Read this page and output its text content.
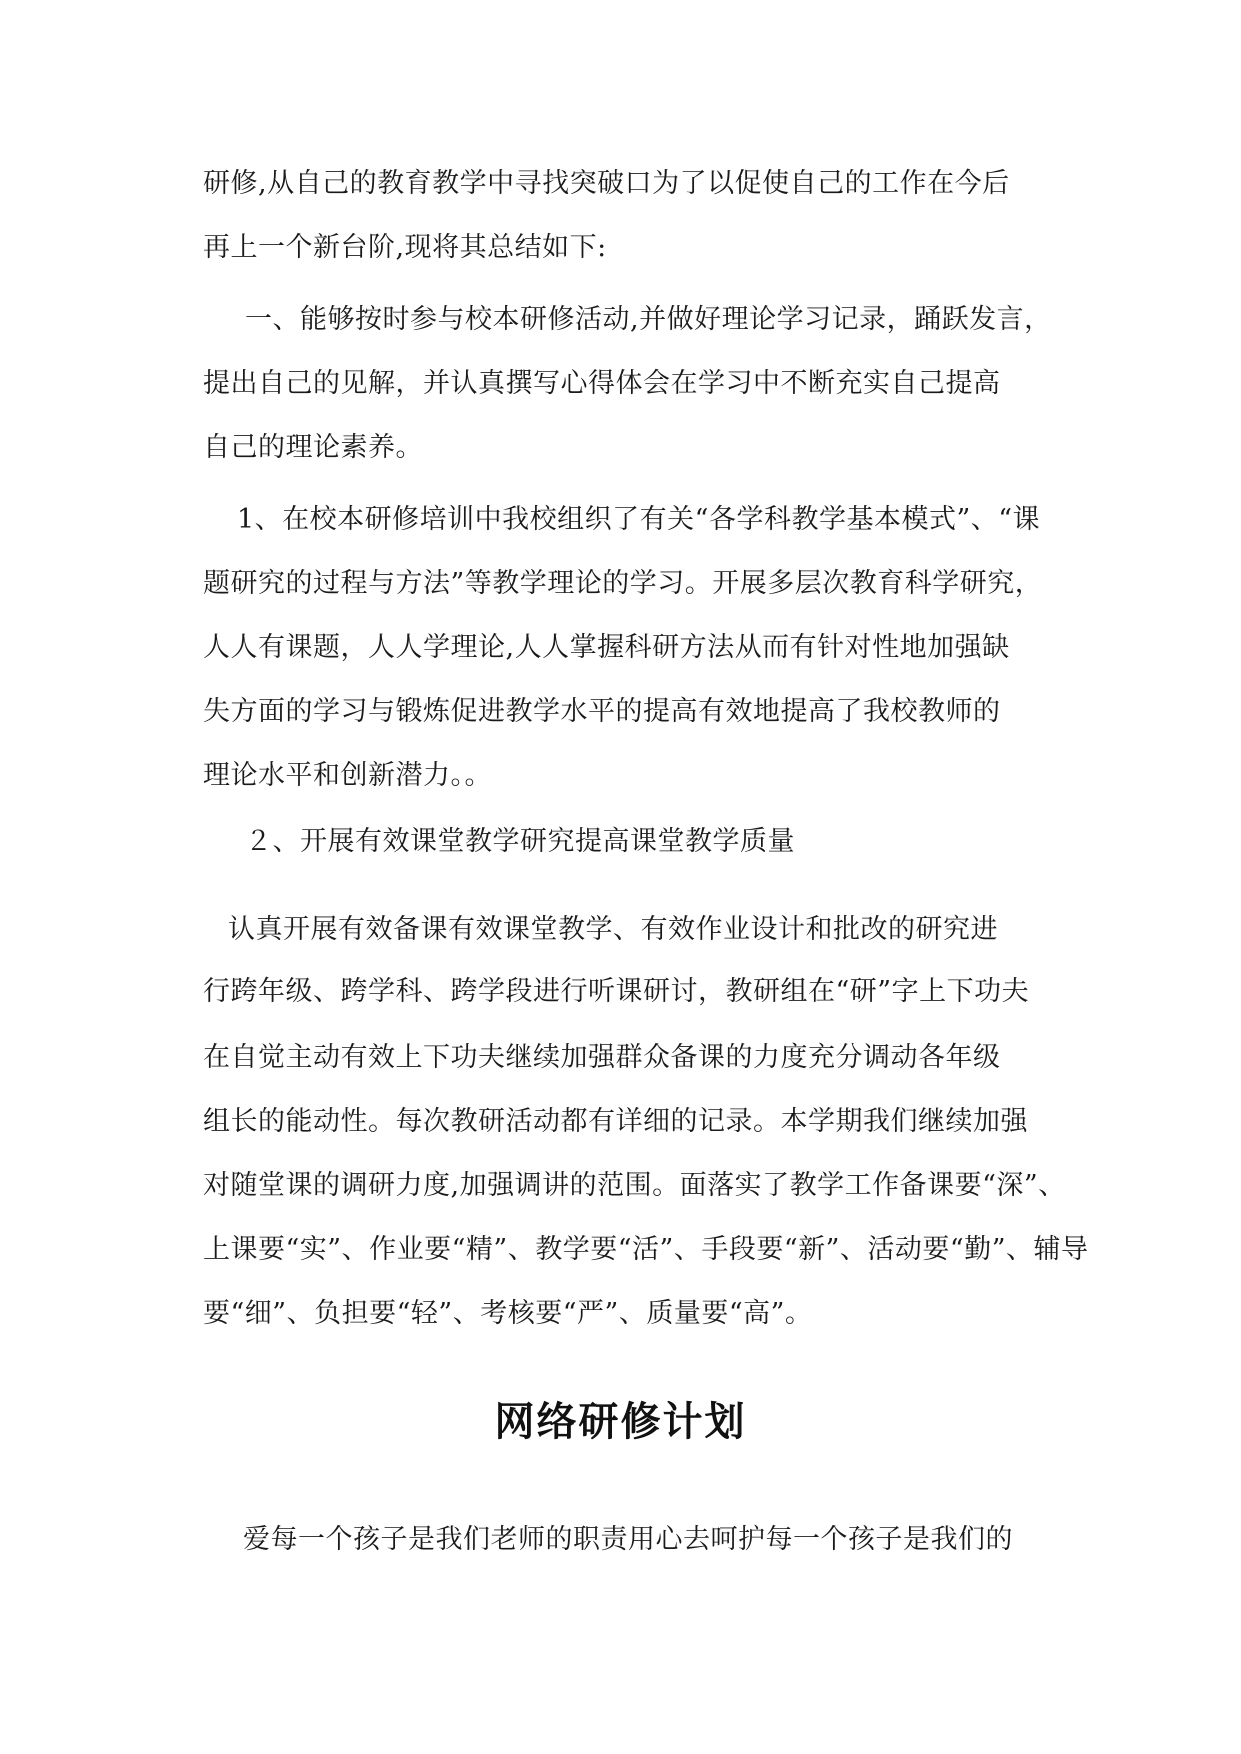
研修,从自己的教育教学中寻找突破口为了以促使自己的工作在今后
再上一个新台阶,现将其总结如下:
一、能够按时参与校本研修活动,并做好理论学习记录，踊跃发言，
提出自己的见解，并认真撰写心得体会在学习中不断充实自己提高
自己的理论素养。
1、在校本研修培训中我校组织了有关“各学科教学基本模式”、“课
题研究的过程与方法”等教学理论的学习。开展多层次教育科学研究，
人人有课题，人人学理论,人人掌握科研方法从而有针对性地加强缺
失方面的学习与锻炼促进教学水平的提高有效地提高了我校教师的
理论水平和创新潜力。。
２、开展有效课堂教学研究提高课堂教学质量
认真开展有效备课有效课堂教学、有效作业设计和批改的研究进
行跨年级、跨学科、跨学段进行听课研讨，教研组在“研”字上下功夫
在自觉主动有效上下功夫继续加强群众备课的力度充分调动各年级
组长的能动性。每次教研活动都有详细的记录。本学期我们继续加强
对随堂课的调研力度,加强调讲的范围。面落实了教学工作备课要“深”、
上课要“实”、作业要“精”、教学要“活”、手段要“新”、活动要“勤”、辅导
要“细”、负担要“轻”、考核要“严”、质量要“高”。
网络研修计划
爱每一个孩子是我们老师的职责用心去呵护每一个孩子是我们的
